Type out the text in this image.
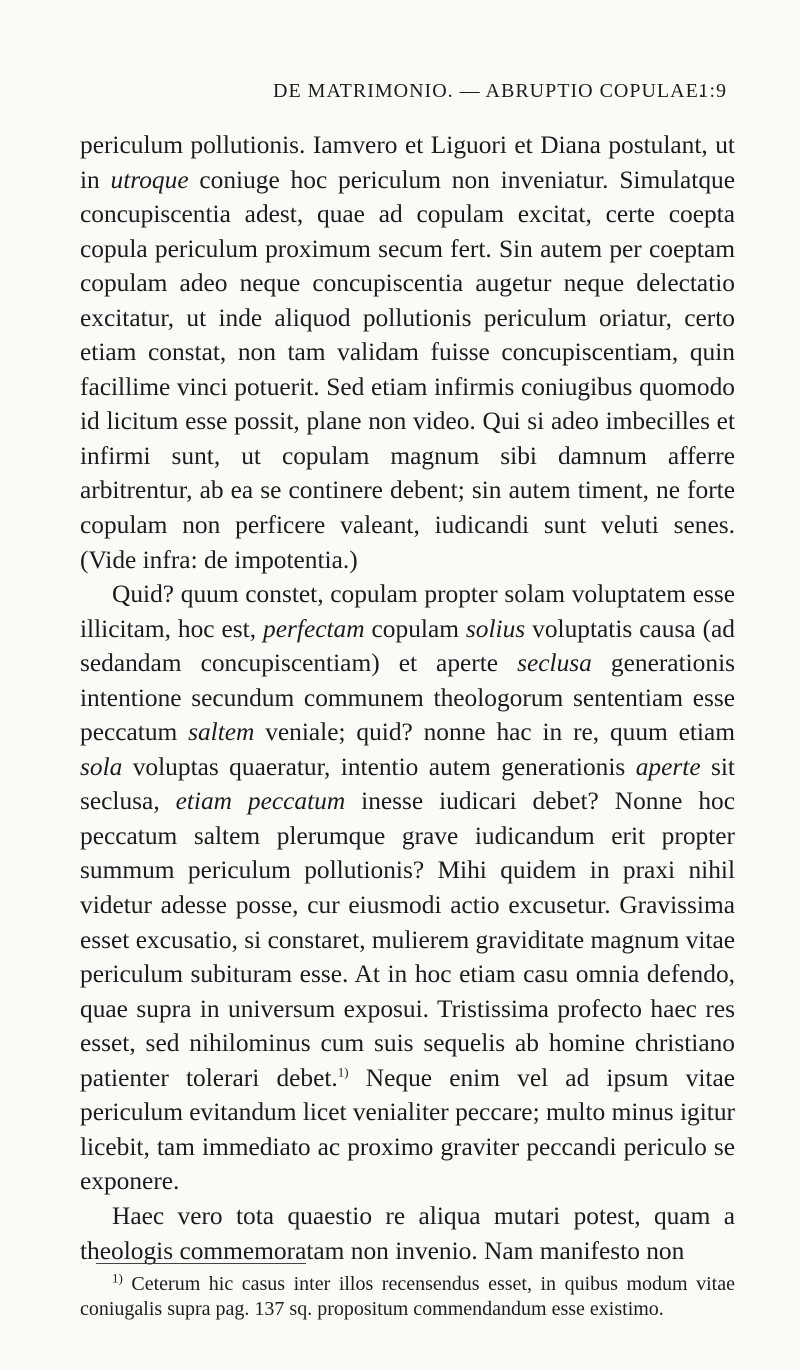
DE MATRIMONIO. — ABRUPTIO COPULAE.
1:9

periculum pollutionis. Iamvero et Liguori et Diana postulant, ut in utroque coniuge hoc periculum non inveniatur. Simulatque concupiscentia adest, quae ad copulam excitat, certe coepta copula periculum proximum secum fert. Sin autem per coeptam copulam adeo neque concupiscentia augetur neque delectatio excitatur, ut inde aliquod pollutionis periculum oriatur, certo etiam constat, non tam validam fuisse concupiscentiam, quin facillime vinci potuerit. Sed etiam infirmis coniugibus quomodo id licitum esse possit, plane non video. Qui si adeo imbecilles et infirmi sunt, ut copulam magnum sibi damnum afferre arbitrentur, ab ea se continere debent; sin autem timent, ne forte copulam non perficere valeant, iudicandi sunt veluti senes. (Vide infra: de impotentia.)

Quid? quum constet, copulam propter solam voluptatem esse illicitam, hoc est, perfectam copulam solius voluptatis causa (ad sedandam concupiscentiam) et aperte seclusa generationis intentione secundum communem theologorum sententiam esse peccatum saltem veniale; quid? nonne hac in re, quum etiam sola voluptas quaeratur, intentio autem generationis aperte sit seclusa, etiam peccatum inesse iudicari debet? Nonne hoc peccatum saltem plerumque grave iudicandum erit propter summum periculum pollutionis? Mihi quidem in praxi nihil videtur adesse posse, cur eiusmodi actio excusetur. Gravissima esset excusatio, si constaret, mulierem graviditate magnum vitae periculum subituram esse. At in hoc etiam casu omnia defendo, quae supra in universum exposui. Tristissima profecto haec res esset, sed nihilominus cum suis sequelis ab homine christiano patienter tolerari debet.$^{1)}$ Neque enim vel ad ipsum vitae periculum evitandum licet venialiter peccare; multo minus igitur licebit, tam immediato ac proximo graviter peccandi periculo se exponere.

Haec vero tota quaestio re aliqua mutari potest, quam a theologis commemoratam non invenio. Nam manifesto non

$^{1)}$ Ceterum hic casus inter illos recensendus esset, in quibus modum vitae coniugalis supra pag. 137 sq. propositum commendandum esse existimo.
